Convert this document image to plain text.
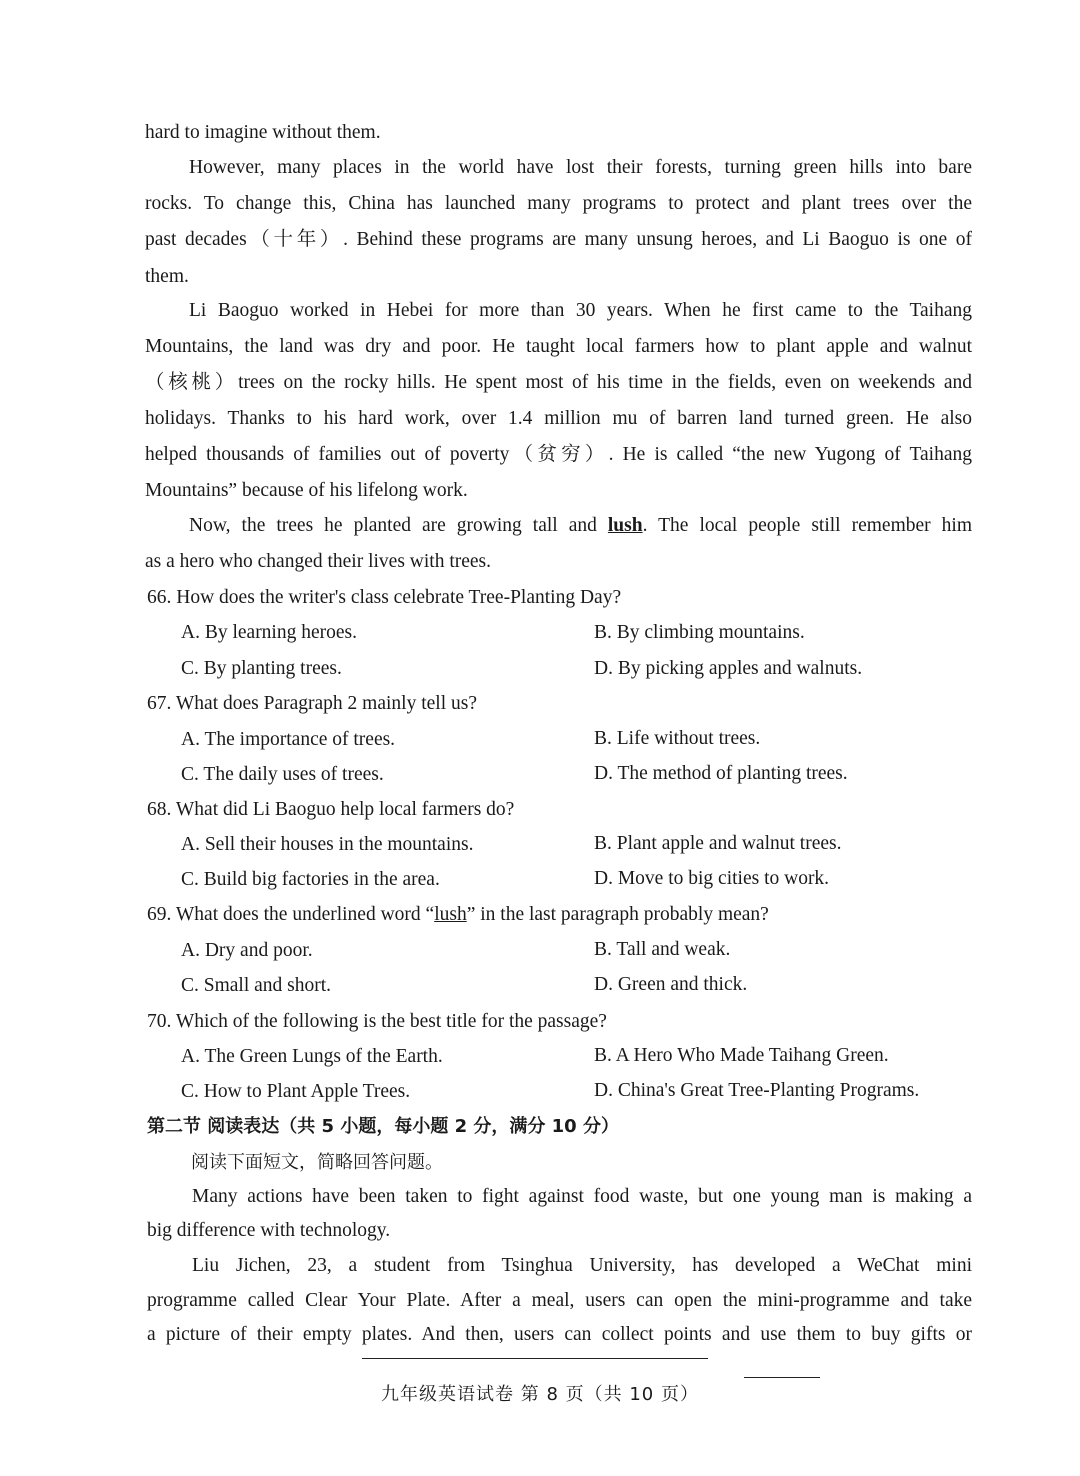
hard to imagine without them.
However, many places in the world have lost their forests, turning green hills into bare
rocks. To change this, China has launched many programs to protect and plant trees over the
past decades（十年）. Behind these programs are many unsung heroes, and Li Baoguo is one of
them.
Li Baoguo worked in Hebei for more than 30 years. When he first came to the Taihang
Mountains, the land was dry and poor. He taught local farmers how to plant apple and walnut
（核桃）trees on the rocky hills. He spent most of his time in the fields, even on weekends and
holidays. Thanks to his hard work, over 1.4 million mu of barren land turned green. He also
helped thousands of families out of poverty（贫穷）. He is called “the new Yugong of Taihang
Mountains” because of his lifelong work.
Now, the trees he planted are growing tall and lush. The local people still remember him
as a hero who changed their lives with trees.
66. How does the writer's class celebrate Tree-Planting Day?
A. By learning heroes.	B. By climbing mountains.
C. By planting trees.	D. By picking apples and walnuts.
67. What does Paragraph 2 mainly tell us?
A. The importance of trees.	B. Life without trees.
C. The daily uses of trees.	D. The method of planting trees.
68. What did Li Baoguo help local farmers do?
A. Sell their houses in the mountains.	B. Plant apple and walnut trees.
C. Build big factories in the area.	D. Move to big cities to work.
69. What does the underlined word “lush” in the last paragraph probably mean?
A. Dry and poor.	B. Tall and weak.
C. Small and short.	D. Green and thick.
70. Which of the following is the best title for the passage?
A. The Green Lungs of the Earth.	B. A Hero Who Made Taihang Green.
C. How to Plant Apple Trees.	D. China's Great Tree-Planting Programs.
第二节 阅读表达（共 5 小题，每小题 2 分，满分 10 分）
阅读下面短文，简略回答问题。
Many actions have been taken to fight against food waste, but one young man is making a
big difference with technology.
Liu Jichen, 23, a student from Tsinghua University, has developed a WeChat mini
programme called Clear Your Plate. After a meal, users can open the mini-programme and take
a picture of their empty plates. And then, users can collect points and use them to buy gifts or
九年级英语试卷 第 8 页（共 10 页）
